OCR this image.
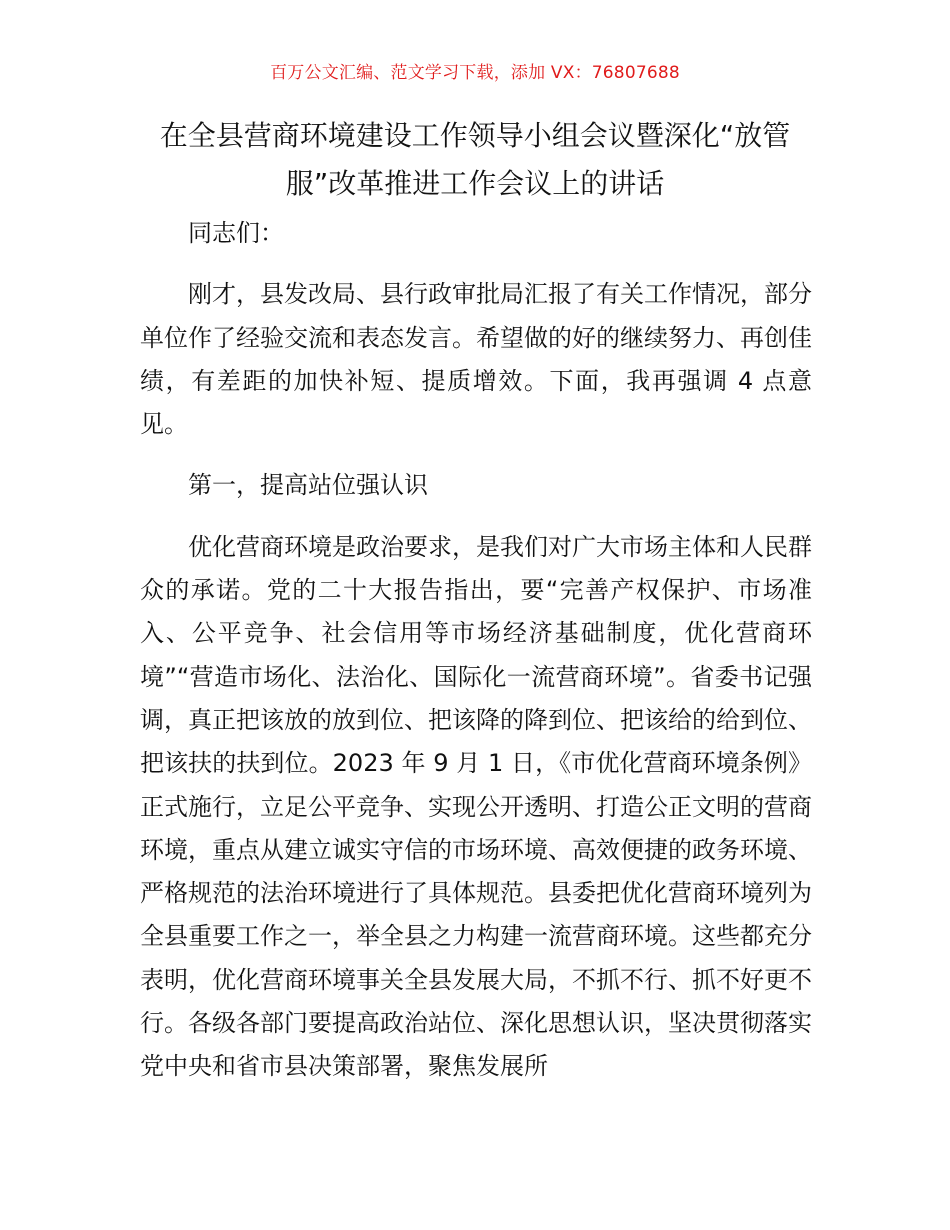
百万公文汇编、范文学习下载，添加 VX：76807688
在全县营商环境建设工作领导小组会议暨深化“放管服”改革推进工作会议上的讲话

同志们：

刚才，县发改局、县行政审批局汇报了有关工作情况，部分单位作了经验交流和表态发言。希望做的好的继续努力、再创佳绩，有差距的加快补短、提质增效。下面，我再强调 4 点意见。

第一，提高站位强认识

优化营商环境是政治要求，是我们对广大市场主体和人民群众的承诺。党的二十大报告指出，要“完善产权保护、市场准入、公平竞争、社会信用等市场经济基础制度，优化营商环境”“营造市场化、法治化、国际化一流营商环境”。省委书记强调，真正把该放的放到位、把该降的降到位、把该给的给到位、把该扶的扶到位。2023 年 9 月 1 日，《市优化营商环境条例》正式施行，立足公平竞争、实现公开透明、打造公正文明的营商环境，重点从建立诚实守信的市场环境、高效便捷的政务环境、严格规范的法治环境进行了具体规范。县委把优化营商环境列为全县重要工作之一，举全县之力构建一流营商环境。这些都充分表明，优化营商环境事关全县发展大局，不抓不行、抓不好更不行。各级各部门要提高政治站位、深化思想认识，坚决贯彻落实党中央和省市县决策部署，聚焦发展所
